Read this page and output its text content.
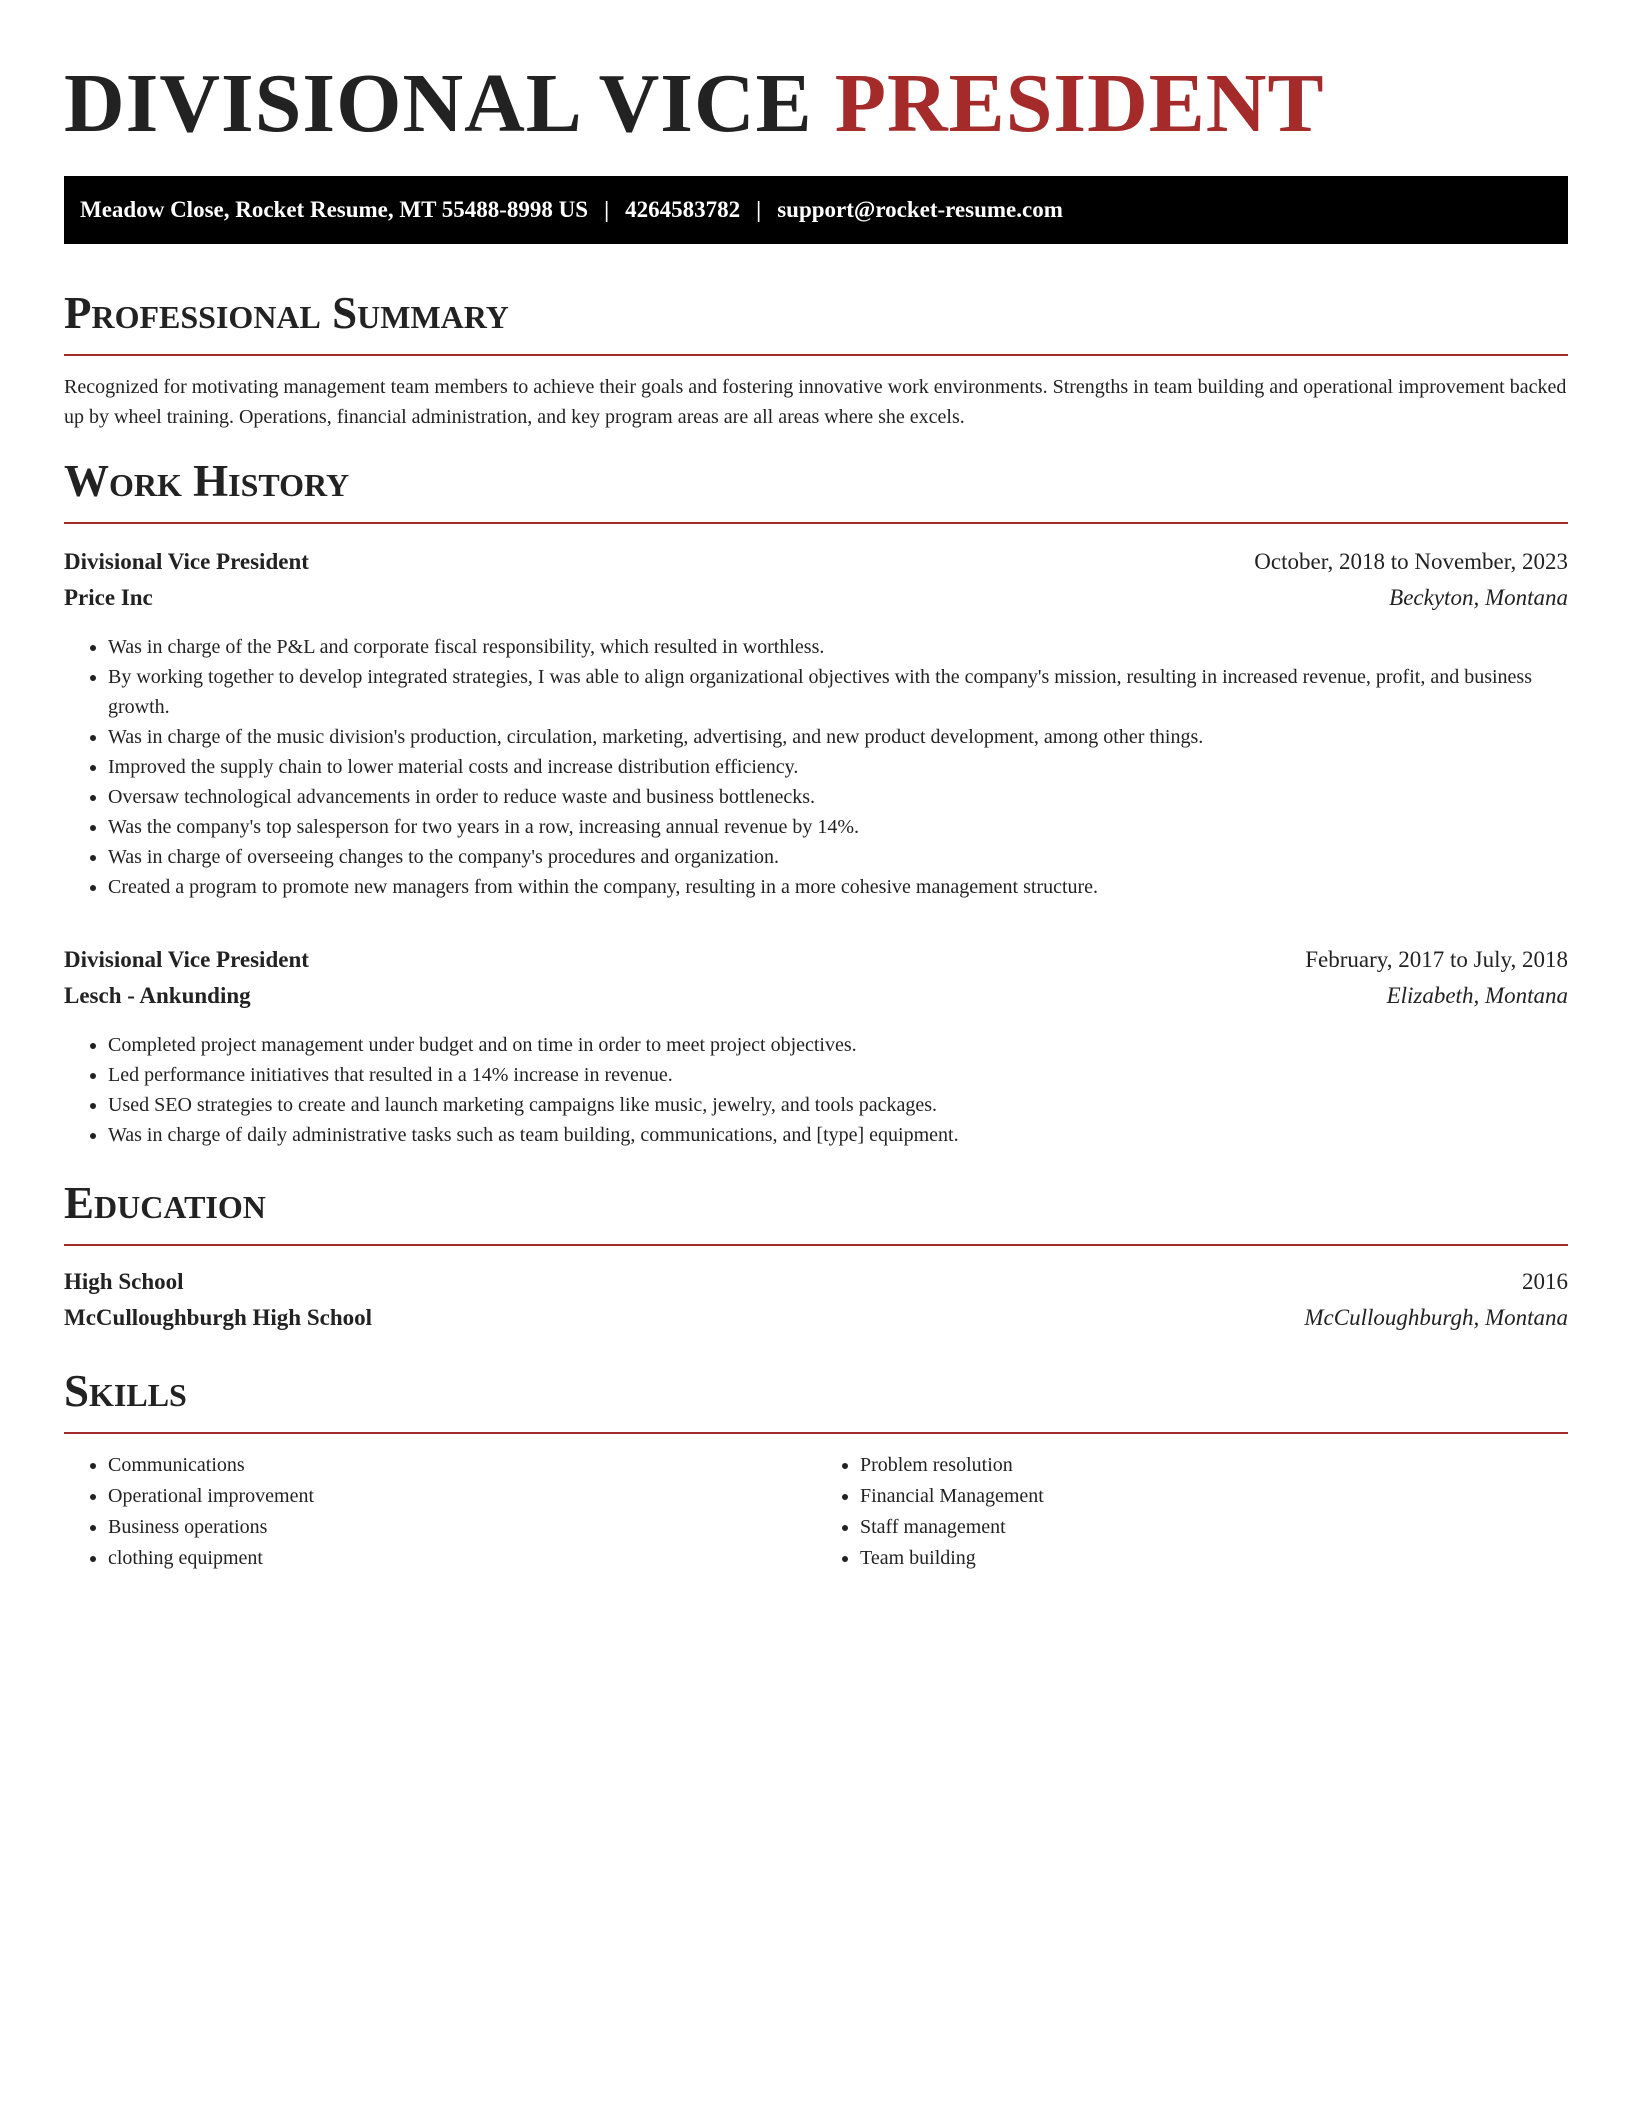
DIVISIONAL VICE PRESIDENT
Meadow Close, Rocket Resume, MT 55488-8998 US | 4264583782 | support@rocket-resume.com
Professional Summary

Recognized for motivating management team members to achieve their goals and fostering innovative work environments. Strengths in team building and operational improvement backed up by wheel training. Operations, financial administration, and key program areas are all areas where she excels.

Work History
Divisional Vice President	October, 2018 to November, 2023
Price Inc	Beckyton, Montana
• Was in charge of the P&L and corporate fiscal responsibility, which resulted in worthless.
• By working together to develop integrated strategies, I was able to align organizational objectives with the company's mission, resulting in increased revenue, profit, and business growth.
• Was in charge of the music division's production, circulation, marketing, advertising, and new product development, among other things.
• Improved the supply chain to lower material costs and increase distribution efficiency.
• Oversaw technological advancements in order to reduce waste and business bottlenecks.
• Was the company's top salesperson for two years in a row, increasing annual revenue by 14%.
• Was in charge of overseeing changes to the company's procedures and organization.
• Created a program to promote new managers from within the company, resulting in a more cohesive management structure.
Divisional Vice President	February, 2017 to July, 2018
Lesch - Ankunding	Elizabeth, Montana
• Completed project management under budget and on time in order to meet project objectives.
• Led performance initiatives that resulted in a 14% increase in revenue.
• Used SEO strategies to create and launch marketing campaigns like music, jewelry, and tools packages.
• Was in charge of daily administrative tasks such as team building, communications, and [type] equipment.
Education
High School	2016
McCulloughburgh High School	McCulloughburgh, Montana
Skills
• Communications
• Operational improvement
• Business operations
• clothing equipment
• Problem resolution
• Financial Management
• Staff management
• Team building
